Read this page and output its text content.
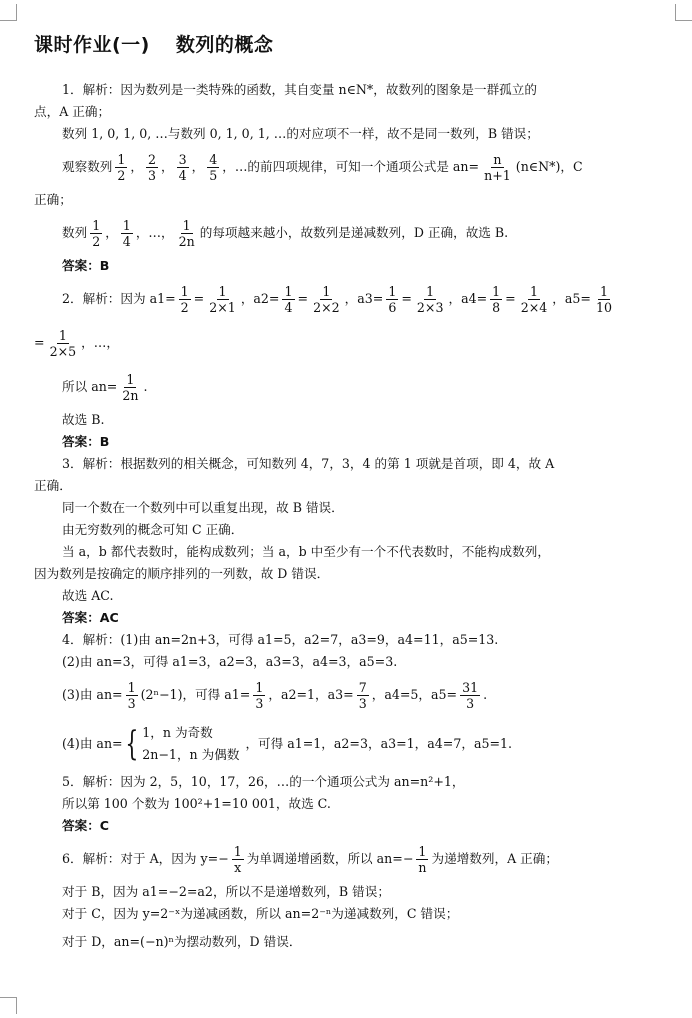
课时作业(一) 数列的概念
1．解析：因为数列是一类特殊的函数，其自变量 n∈N*，故数列的图象是一群孤立的
点，A 正确；
数列 1, 0, 1, 0, …与数列 0, 1, 0, 1, …的对应项不一样，故不是同一数列，B 错误；
观察数列 1
2
， 2
3
， 3
4
， 4
5
，…的前四项规律，可知一个通项公式是 $an= \frac{n}{n+1}$ (n∈N*)，C
正确；
数列 1
2
， 1
4
，…， 1
2n
的每项越来越小，故数列是递减数列，D 正确，故选 B.
答案：B
2．解析：因为 $a1= \frac{1}{2} = \frac{1}{2\times 1}$ ，$a2= \frac{1}{4} = \frac{1}{2\times 2}$ ，$a3= \frac{1}{6} = \frac{1}{2\times 3}$ ，$a4= \frac{1}{8} = \frac{1}{2\times 4}$ ，$a5= \frac{1}{10}$
= $\frac{1}{2\times 5}$ ，…，
所以 $an= \frac{1}{2n}$ .
故选 B.
答案：B
3．解析：根据数列的相关概念，可知数列 4，7，3，4 的第 1 项就是首项，即 4，故 A
正确．
同一个数在一个数列中可以重复出现，故 B 错误．
由无穷数列的概念可知 C 正确．
当 a，b 都代表数时，能构成数列；当 a，b 中至少有一个不代表数时，不能构成数列，
因为数列是按确定的顺序排列的一列数，故 D 错误．
故选 AC.
答案：AC
4．解析：(1)由 an=2n+3，可得 a1=5，a2=7，a3=9，a4=11，a5=13.
(2)由 an=3，可得 a1=3，a2=3，a3=3，a4=3，a5=3.
(3)由 $an= \frac{1}{3} (2^n-1)$，可得 $a1= \frac{1}{3}$ ，a2=1，$a3= \frac{7}{3}$ ，a4=5，$a5= \frac{31}{3}$ .
(4)由 an= { 1，n 为奇数
2n−1，n 为偶数
，可得 a1=1，a2=3，a3=1，a4=7，a5=1.
5．解析：因为 2，5，10，17，26，…的一个通项公式为 an=n²+1，
所以第 100 个数为 100²+1=10 001，故选 C.
答案：C
6．解析：对于 A，因为 $y=- \frac{1}{x}$ 为单调递增函数，所以 $an=- \frac{1}{n}$ 为递增数列，A 正确；
对于 B，因为 a1=−2=a2，所以不是递增数列，B 错误；
对于 C，因为 y=2⁻ˣ为递减函数，所以 an=2⁻ⁿ为递减数列，C 错误；
对于 D，an=(−n)ⁿ为摆动数列，D 错误．
